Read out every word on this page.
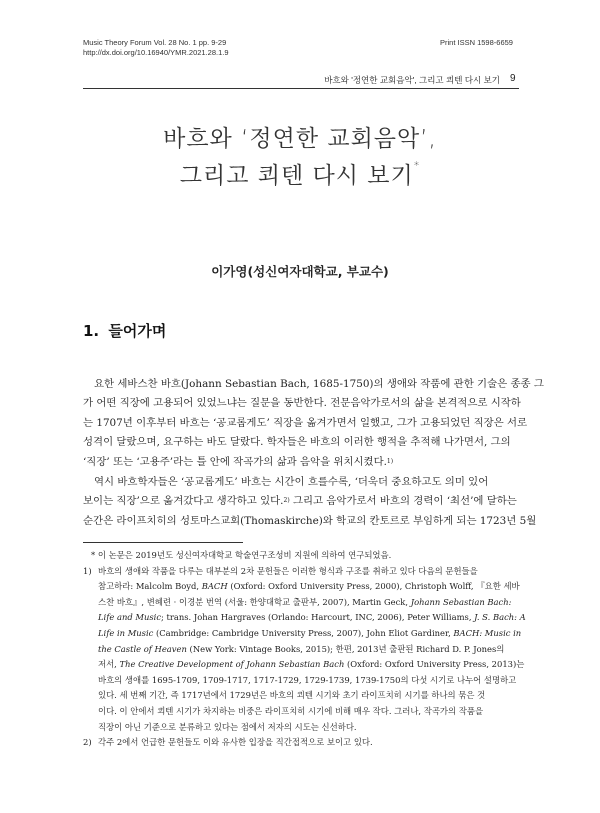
Music Theory Forum Vol. 28 No. 1 pp. 9-29
http://dx.doi.org/10.16940/YMR.2021.28.1.9
Print ISSN 1598-6659
바흐와 '정연한 교회음악', 그리고 쾨텐 다시 보기 9
바흐와 ‘정연한 교회음악’,
그리고 쾨텐 다시 보기*
이가영(성신여자대학교, 부교수)
1. 들어가며
요한 세바스찬 바흐(Johann Sebastian Bach, 1685-1750)의 생애와 작품에 관한 기술은 종종 그
가 어떤 직장에 고용되어 있었느냐는 질문을 동반한다. 전문음악가로서의 삶을 본격적으로 시작하
는 1707년 이후부터 바흐는 ‘공교롭게도’ 직장을 옮겨가면서 일했고, 그가 고용되었던 직장은 서로
성격이 달랐으며, 요구하는 바도 달랐다. 학자들은 바흐의 이러한 행적을 추적해 나가면서, 그의
‘직장’ 또는 ‘고용주’라는 틀 안에 작곡가의 삶과 음악을 위치시켰다.$^{1)}$
역시 바흐학자들은 ‘공교롭게도’ 바흐는 시간이 흐를수록, ‘더욱더 중요하고도 의미 있어
보이는 직장’으로 옮겨갔다고 생각하고 있다.$^{2)}$ 그리고 음악가로서 바흐의 경력이 ‘최선’에 달하는
순간은 라이프치히의 성토마스교회(Thomaskirche)와 학교의 칸토르로 부임하게 되는 1723년 5월
* 이 논문은 2019년도 성신여자대학교 학술연구조성비 지원에 의하여 연구되었음.
1) 바흐의 생애와 작품을 다루는 대부분의 2차 문헌들은 이러한 형식과 구조를 취하고 있다 다음의 문헌들을
참고하라: Malcolm Boyd, BACH (Oxford: Oxford University Press, 2000), Christoph Wolff, 『요한 세바
스찬 바흐』, 변혜련 · 이경분 번역 (서울: 한양대학교 출판부, 2007), Martin Geck, Johann Sebastian Bach:
Life and Music; trans. Johan Hargraves (Orlando: Harcourt, INC, 2006), Peter Williams, J. S. Bach: A
Life in Music (Cambridge: Cambridge University Press, 2007), John Eliot Gardiner, BACH: Music in
the Castle of Heaven (New York: Vintage Books, 2015); 한편, 2013년 출판된 Richard D. P. Jones의
저서, The Creative Development of Johann Sebastian Bach (Oxford: Oxford University Press, 2013)는
바흐의 생애를 1695-1709, 1709-1717, 1717-1729, 1729-1739, 1739-1750의 다섯 시기로 나누어 설명하고
있다. 세 번째 기간, 즉 1717년에서 1729년은 바흐의 쾨텐 시기와 초기 라이프치히 시기를 하나의 묶은 것
이다. 이 안에서 쾨텐 시기가 차지하는 비중은 라이프치히 시기에 비해 매우 작다. 그러나, 작곡가의 작품을
직장이 아닌 기준으로 분류하고 있다는 점에서 저자의 시도는 신선하다.
2) 각주 2에서 언급한 문헌들도 이와 유사한 입장을 직간접적으로 보이고 있다.
